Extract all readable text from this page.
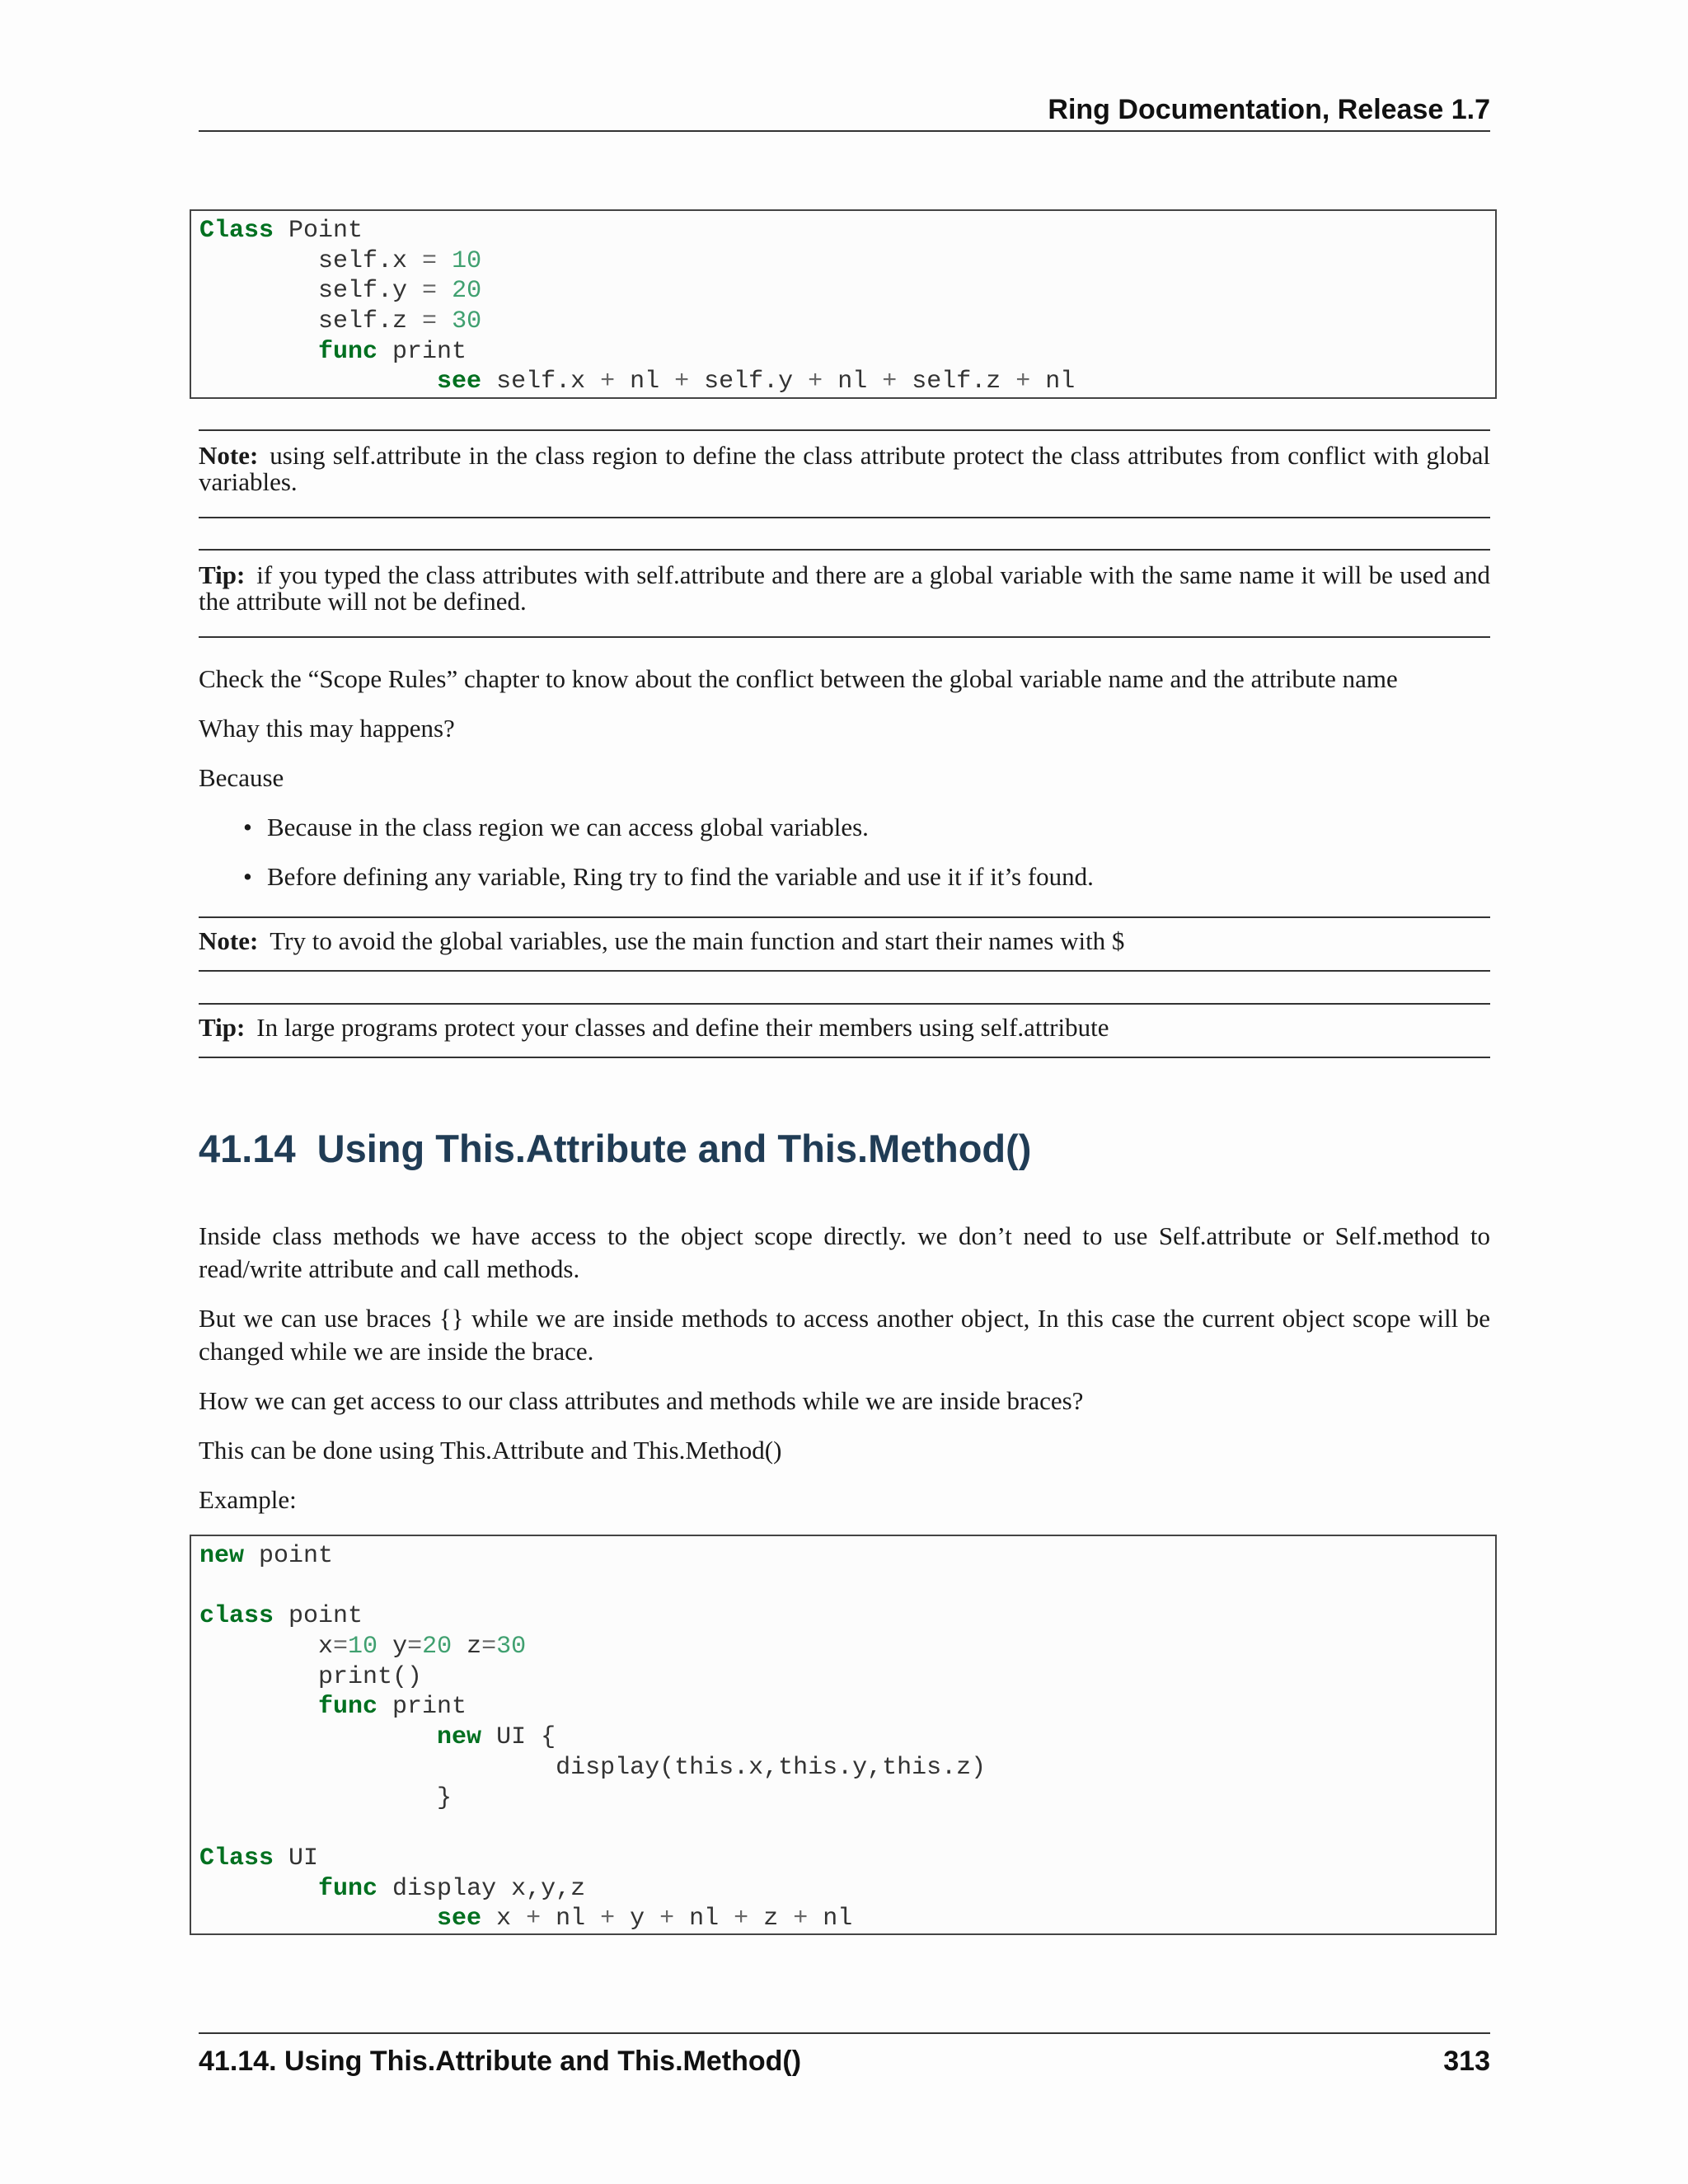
Ring Documentation, Release 1.7
Class Point
self.x = 10
self.y = 20
self.z = 30
func print
see self.x + nl + self.y + nl + self.z + nl
Note: using self.attribute in the class region to define the class attribute protect the class attributes from conflict with global variables.
Tip: if you typed the class attributes with self.attribute and there are a global variable with the same name it will be used and the attribute will not be defined.

Check the “Scope Rules” chapter to know about the conflict between the global variable name and the attribute name

Whay this may happens?

Because

• Because in the class region we can access global variables.
• Before defining any variable, Ring try to find the variable and use it if it’s found.
Note: Try to avoid the global variables, use the main function and start their names with $
Tip: In large programs protect your classes and define their members using self.attribute
41.14 Using This.Attribute and This.Method()

Inside class methods we have access to the object scope directly. we don’t need to use Self.attribute or Self.method to read/write attribute and call methods.

But we can use braces {} while we are inside methods to access another object, In this case the current object scope will be changed while we are inside the brace.

How we can get access to our class attributes and methods while we are inside braces?

This can be done using This.Attribute and This.Method()

Example:

new point
class point
x=10 y=20 z=30
print()
func print
new UI {
display(this.x,this.y,this.z)
}
Class UI
func display x,y,z
see x + nl + y + nl + z + nl
41.14. Using This.Attribute and This.Method()	313
